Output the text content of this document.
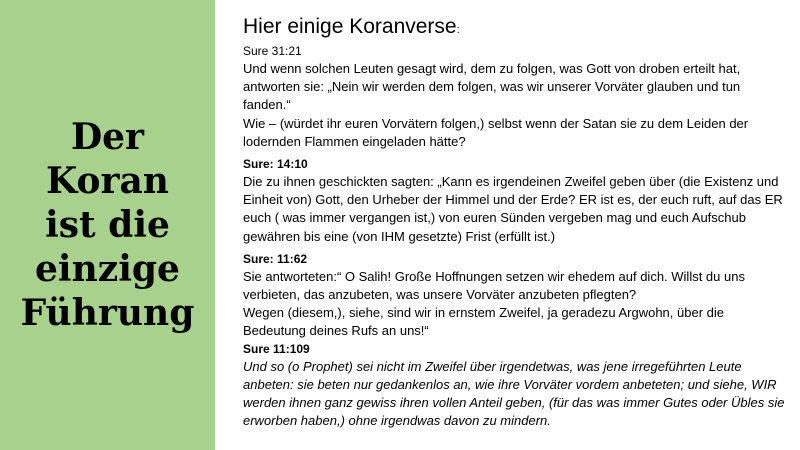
Der
Koran
ist die
einzige
Führung
Hier einige Koranverse:
Sure 31:21
Und wenn solchen Leuten gesagt wird, dem zu folgen, was Gott von droben erteilt hat, antworten sie: „Nein wir werden dem folgen, was wir unserer Vorväter glauben und tun fanden.“
Wie – (würdet ihr euren Vorvätern folgen,) selbst wenn der Satan sie zu dem Leiden der lodernden Flammen eingeladen hätte?
Sure: 14:10
Die zu ihnen geschickten sagten: „Kann es irgendeinen Zweifel geben über (die Existenz und Einheit von) Gott, den Urheber der Himmel und der Erde? ER ist es, der euch ruft, auf das ER euch ( was immer vergangen ist,) von euren Sünden vergeben mag und euch Aufschub gewähren bis eine (von IHM gesetzte) Frist (erfüllt ist.)
Sure: 11:62
Sie antworteten:“ O Salih! Große Hoffnungen setzen wir ehedem auf dich. Willst du uns verbieten, das anzubeten, was unsere Vorväter anzubeten pflegten?
Wegen (diesem,), siehe, sind wir in ernstem Zweifel, ja geradezu Argwohn, über die Bedeutung deines Rufs an uns!“
Sure 11:109
Und so (o Prophet) sei nicht im Zweifel über irgendetwas, was jene irregeführten Leute anbeten: sie beten nur gedankenlos an, wie ihre Vorväter vordem anbeteten; und siehe, WIR werden ihnen ganz gewiss ihren vollen Anteil geben, (für das was immer Gutes oder Übles sie erworben haben,) ohne irgendwas davon zu mindern.
